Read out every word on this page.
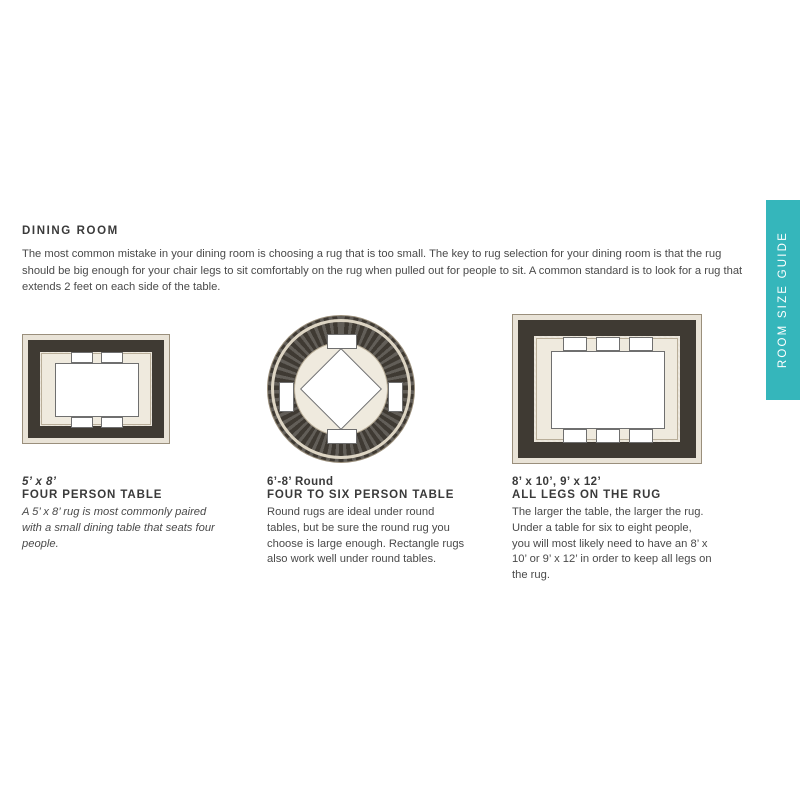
ROOM SIZE GUIDE
DINING ROOM
The most common mistake in your dining room is choosing a rug that is too small. The key to rug selection for your dining room is that the rug should be big enough for your chair legs to sit comfortably on the rug when pulled out for people to sit. A common standard is to look for a rug that extends 2 feet on each side of the table.
5’ x 8’
FOUR PERSON TABLE
A 5’ x 8’ rug is most commonly paired with a small dining table that seats four people.
6’-8’ Round
FOUR TO SIX PERSON TABLE
Round rugs are ideal under round tables, but be sure the round rug you choose is large enough. Rectangle rugs also work well under round tables.
8’ x 10’, 9’ x 12’
ALL LEGS ON THE RUG
The larger the table, the larger the rug. Under a table for six to eight people, you will most likely need to have an 8’ x 10’ or 9’ x 12’ in order to keep all legs on the rug.
